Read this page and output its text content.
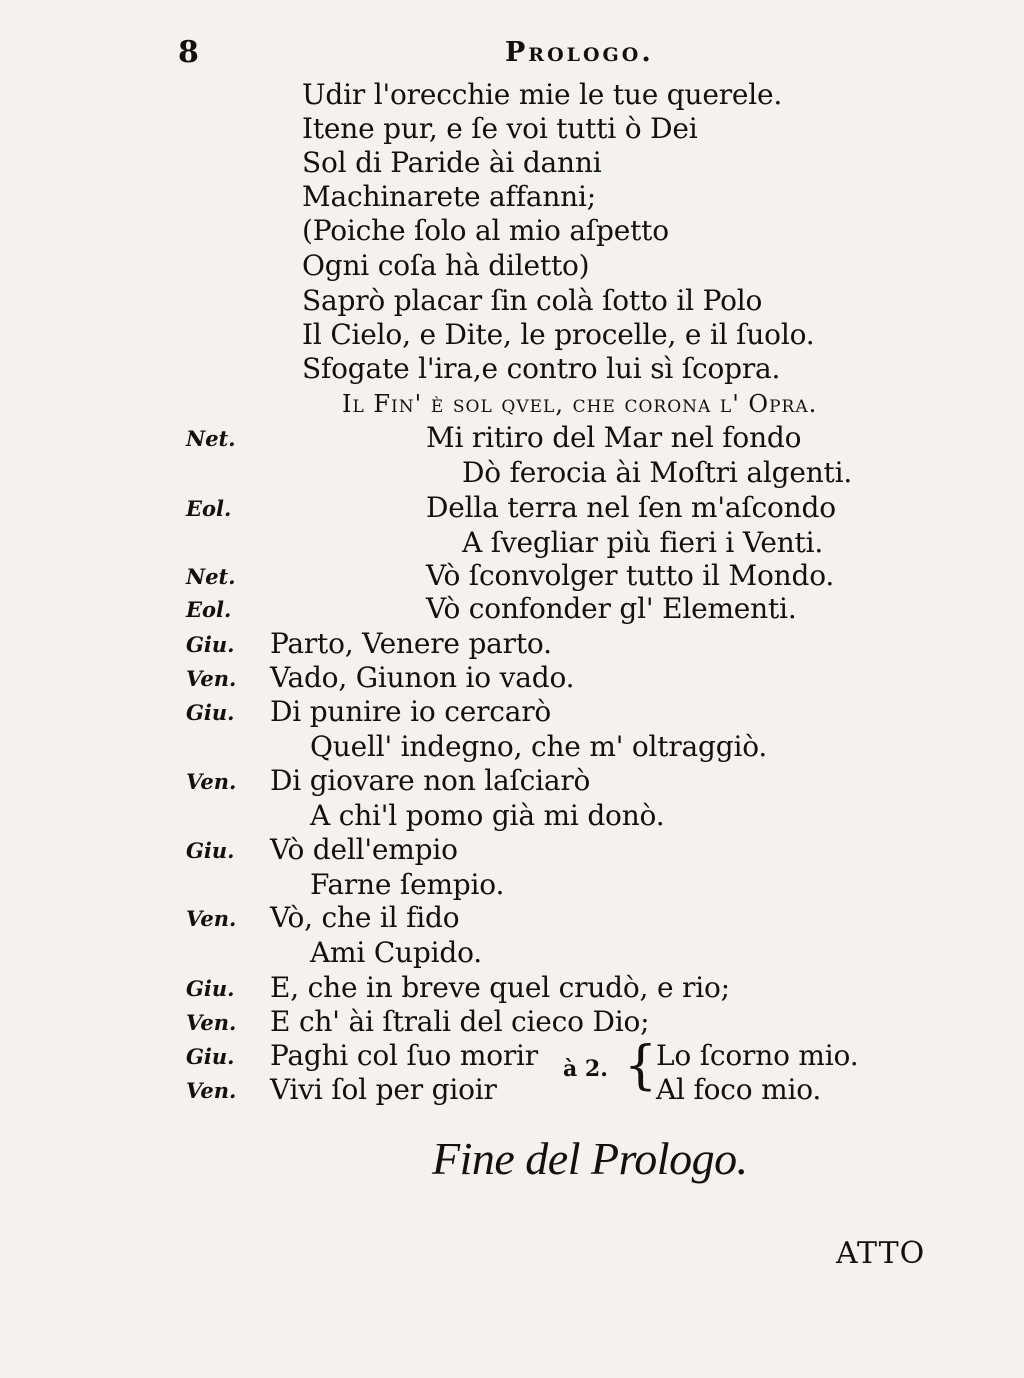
8	Prologo.
Udir l'orecchie mie le tue querele.
Itene pur, e ſe voi tutti ò Dei
Sol di Paride ài danni
Machinarete affanni;
(Poiche ſolo al mio aſpetto
Ogni coſa hà diletto)
Saprò placar ſin colà ſotto il Polo
Il Cielo, e Dite, le procelle, e il ſuolo.
Sfogate l'ira,e contro lui sì ſcopra.
Il Fin' è ſol qvel, che corona l' Opra.
Net.	Mi ritiro del Mar nel fondo
Dò ferocia ài Moſtri algenti.
Eol.	Della terra nel ſen m'aſcondo
A ſvegliar più fieri i Venti.
Net.	Vò ſconvolger tutto il Mondo.
Eol.	Vò confonder gl' Elementi.
Giu. Parto, Venere parto.
Ven. Vado, Giunon io vado.
Giu. Di punire io cercarò
Quell' indegno, che m' oltraggiò.
Ven. Di giovare non laſciarò
A chi'l pomo già mi donò.
Giu. Vò dell'empio
Farne ſempio.
Ven. Vò, che il fido
Ami Cupido.
Giu. E, che in breve quel crudò, e rio;
Ven. E ch' ài ſtrali del cieco Dio;
Giu. Paghi col ſuo morir
Ven. Vivi ſol per gioir
à 2. {
Lo ſcorno mio.
Al foco mio.
Fine del Prologo.
ATTO
